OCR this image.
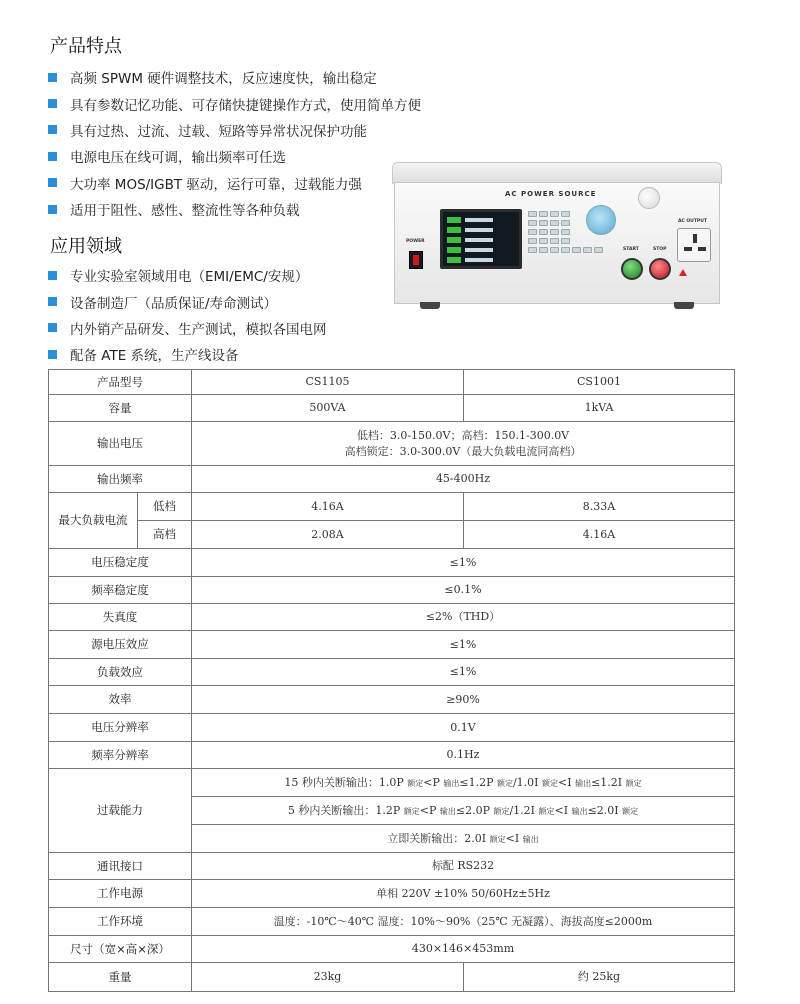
产品特点
高频 SPWM 硬件调整技术，反应速度快，输出稳定
具有参数记忆功能、可存储快捷键操作方式，使用简单方便
具有过热、过流、过载、短路等异常状况保护功能
电源电压在线可调，输出频率可任选
大功率 MOS/IGBT 驱动，运行可靠，过载能力强
适用于阻性、感性、整流性等各种负载
应用领域
专业实验室领域用电（EMI/EMC/安规）
设备制造厂（品质保证/寿命测试）
内外销产品研发、生产测试，模拟各国电网
配备 ATE 系统，生产线设备
AC POWER SOURCE
POWER
START	STOP
AC OUTPUT
产品型号		CS1105	CS1001
容量		500VA	1kVA
输出电压		低档：3.0-150.0V；高档：150.1-300.0V
高档锁定：3.0-300.0V（最大负载电流同高档）	

输出频率		45-400Hz	
最大负载电流	低档	4.16A	8.33A
	高档	2.08A	4.16A
电压稳定度		≤1%	
频率稳定度		≤0.1%	
失真度		≤2%（THD）	
源电压效应		≤1%	
负载效应		≤1%	
效率		≥90%	
电压分辨率		0.1V	
频率分辨率		0.1Hz	
过载能力		15 秒内关断输出：1.0P 额定<P 输出≤1.2P 额定/1.0I 额定<I 输出≤1.2I 额定	
		5 秒内关断输出：1.2P 额定<P 输出≤2.0P 额定/1.2I 额定<I 输出≤2.0I 额定	
		立即关断输出：2.0I 额定<I 输出	
通讯接口		标配 RS232	
工作电源		单相 220V ±10% 50/60Hz±5Hz	
工作环境		温度：-10℃～40℃ 湿度：10%～90%（25℃ 无凝露）、海拔高度≤2000m	
尺寸（宽×高×深）		430×146×453mm	
重量		23kg	约 25kg
